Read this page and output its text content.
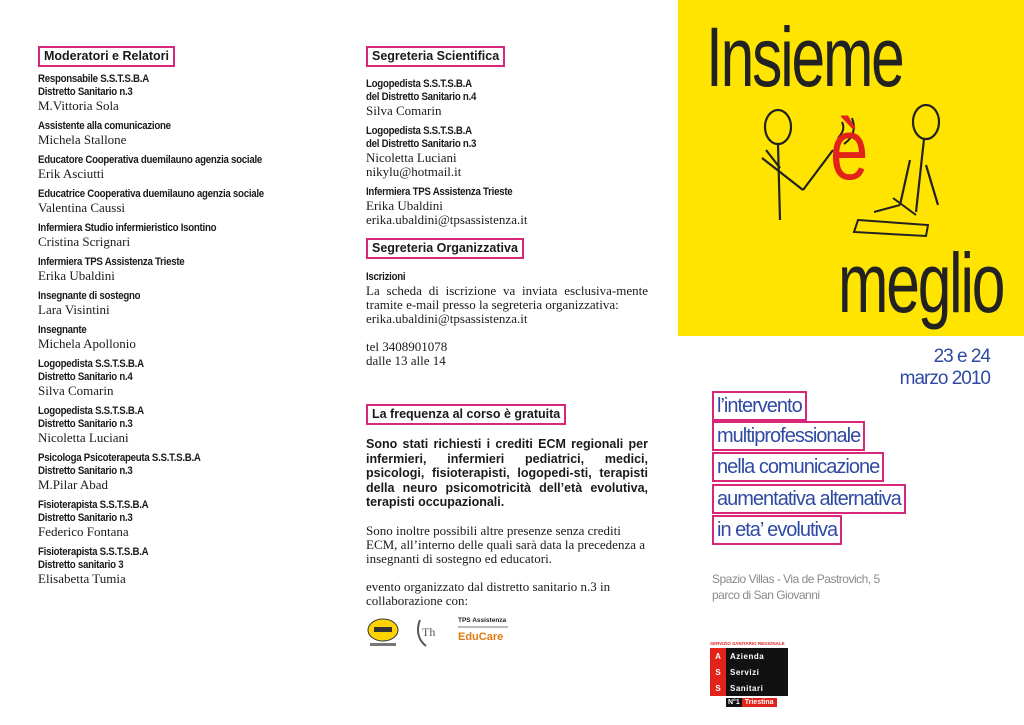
Moderatori e Relatori
Responsabile S.S.T.S.B.A
Distretto Sanitario n.3
M.Vittoria Sola
Assistente alla comunicazione
Michela Stallone
Educatore Cooperativa duemilauno agenzia sociale
Erik Asciutti
Educatrice Cooperativa duemilauno agenzia sociale
Valentina Caussi
Infermiera Studio infermieristico Isontino
Cristina Scrignari
Infermiera TPS Assistenza Trieste
Erika Ubaldini
Insegnante di sostegno
Lara Visintini
Insegnante
Michela Apollonio
Logopedista S.S.T.S.B.A
Distretto Sanitario n.4
Silva Comarin
Logopedista S.S.T.S.B.A
Distretto Sanitario n.3
Nicoletta Luciani
Psicologa Psicoterapeuta S.S.T.S.B.A
Distretto Sanitario n.3
M.Pilar Abad
Fisioterapista S.S.T.S.B.A
Distretto Sanitario n.3
Federico Fontana
Fisioterapista S.S.T.S.B.A
Distretto sanitario 3
Elisabetta Tumia
Segreteria Scientifica
Logopedista S.S.T.S.B.A
del Distretto Sanitario n.4
Silva Comarin
Logopedista S.S.T.S.B.A
del Distretto Sanitario n.3
Nicoletta Luciani
nikylu@hotmail.it
Infermiera TPS Assistenza Trieste
Erika Ubaldini
erika.ubaldini@tpsassistenza.it
Segreteria Organizzativa
Iscrizioni
La scheda di iscrizione va inviata esclusiva-mente tramite e-mail presso la segreteria organizzativa:
erika.ubaldini@tpsassistenza.it
tel 3408901078
dalle 13 alle 14
La frequenza al corso è gratuita
Sono stati richiesti i crediti ECM regionali per infermieri, infermieri pediatrici, medici, psicologi, fisioterapisti, logopedi-sti, terapisti della neuro psicomotricità dell’età evolutiva, terapisti occupazionali.
Sono inoltre possibili altre presenze senza crediti ECM, all’interno delle quali sarà data la precedenza a insegnanti di sostegno ed educatori.
evento organizzato dal distretto sanitario n.3 in collaborazione con:
Th
TPS Assistenza
EduCare
Insieme
è
meglio
23 e 24
marzo 2010
l’intervento
multiprofessionale
nella comunicazione
aumentativa alternativa
in eta’ evolutiva
Spazio Villas - Via de Pastrovich, 5
parco di San Giovanni
SERVIZIO SANITARIO REGIONALE
A
S
S
Azienda
Servizi
Sanitari
N°1 Triestina
